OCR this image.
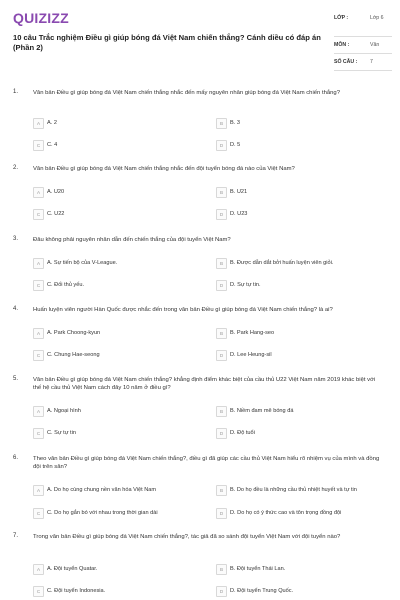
QUIZIZZ
10 câu Trắc nghiệm Điều gì giúp bóng đá Việt Nam chiến thắng? Cánh diều có đáp án (Phần 2)
LỚP :	Lớp 6
MÔN :	Văn
SỐ CÂU : 7
1.	Văn bản Điều gì giúp bóng đá Việt Nam chiến thắng nhắc đến mấy nguyên nhân giúp bóng đá Việt Nam chiến thắng?
A	A. 2	B	B. 3
C	C. 4	D	D. 5
2.	Văn bản Điều gì giúp bóng đá Việt Nam chiến thắng nhắc đến đội tuyển bóng đá nào của Việt Nam?
A	A. U20	B	B. U21
C	C. U22	D	D. U23
3.	Đâu không phải nguyên nhân dẫn đến chiến thắng của đội tuyển Việt Nam?
A	A. Sự tiến bộ của V-League.	B	B. Được dẫn dắt bởi huấn luyện viên giỏi.
C	C. Đối thủ yếu.	D	D. Sự tự tin.
4.	Huấn luyện viên người Hàn Quốc được nhắc đến trong văn bản Điều gì giúp bóng đá Việt Nam chiến thắng? là ai?
A	A. Park Choong-kyun	B	B. Park Hang-seo
C	C. Chung Hae-seong	D	D. Lee Heung-sil
5.	Văn bản Điều gì giúp bóng đá Việt Nam chiến thắng? khẳng định điểm khác biệt của cầu thủ U22 Việt Nam năm 2019 khác biệt với thế hệ cầu thủ Việt Nam cách đây 10 năm ở điều gì?
A	A. Ngoại hình	B	B. Niềm đam mê bóng đá
C	C. Sự tự tin	D	D. Độ tuổi
6.	Theo văn bản Điều gì giúp bóng đá Việt Nam chiến thắng?, điều gì đã giúp các cầu thủ Việt Nam hiểu rõ nhiệm vụ của mình và đồng đội trên sân?
A	A. Do họ cùng chung nền văn hóa Việt Nam	B	B. Do họ đều là những cầu thủ nhiệt huyết và tự tin
C	C. Do họ gắn bó với nhau trong thời gian dài	D	D. Do họ có ý thức cao và tôn trọng đồng đội
7.	Trong văn bản Điều gì giúp bóng đá Việt Nam chiến thắng?, tác giả đã so sánh đội tuyển Việt Nam với đội tuyển nào?
A	A. Đội tuyển Quatar.	B	B. Đội tuyển Thái Lan.
C	C. Đội tuyển Indonesia.	D	D. Đội tuyển Trung Quốc.
